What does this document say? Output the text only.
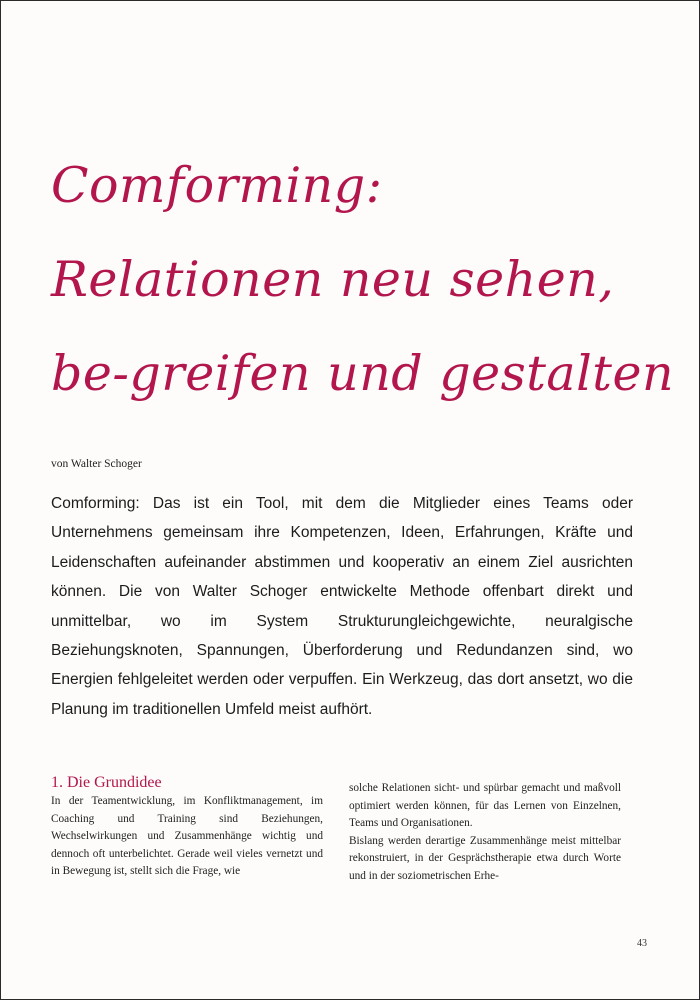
Comforming:
Relationen neu sehen,
be-greifen und gestalten
von Walter Schoger
Comforming: Das ist ein Tool, mit dem die Mitglieder eines Teams oder Unternehmens gemeinsam ihre Kompetenzen, Ideen, Erfahrungen, Kräfte und Leidenschaften aufeinander abstimmen und kooperativ an einem Ziel ausrichten können. Die von Walter Schoger entwickelte Methode offenbart direkt und unmittelbar, wo im System Strukturungleichgewichte, neuralgische Beziehungsknoten, Spannungen, Überforderung und Redundanzen sind, wo Energien fehlgeleitet werden oder verpuffen. Ein Werkzeug, das dort ansetzt, wo die Planung im traditionellen Umfeld meist aufhört.
1. Die Grundidee

In der Teamentwicklung, im Konfliktmanagement, im Coaching und Training sind Beziehungen, Wechselwirkungen und Zusammenhänge wichtig und dennoch oft unterbelichtet. Gerade weil vieles vernetzt und in Bewegung ist, stellt sich die Frage, wie

solche Relationen sicht- und spürbar gemacht und maßvoll optimiert werden können, für das Lernen von Einzelnen, Teams und Organisationen.

Bislang werden derartige Zusammenhänge meist mittelbar rekonstruiert, in der Gesprächstherapie etwa durch Worte und in der soziometrischen Erhe-

43
